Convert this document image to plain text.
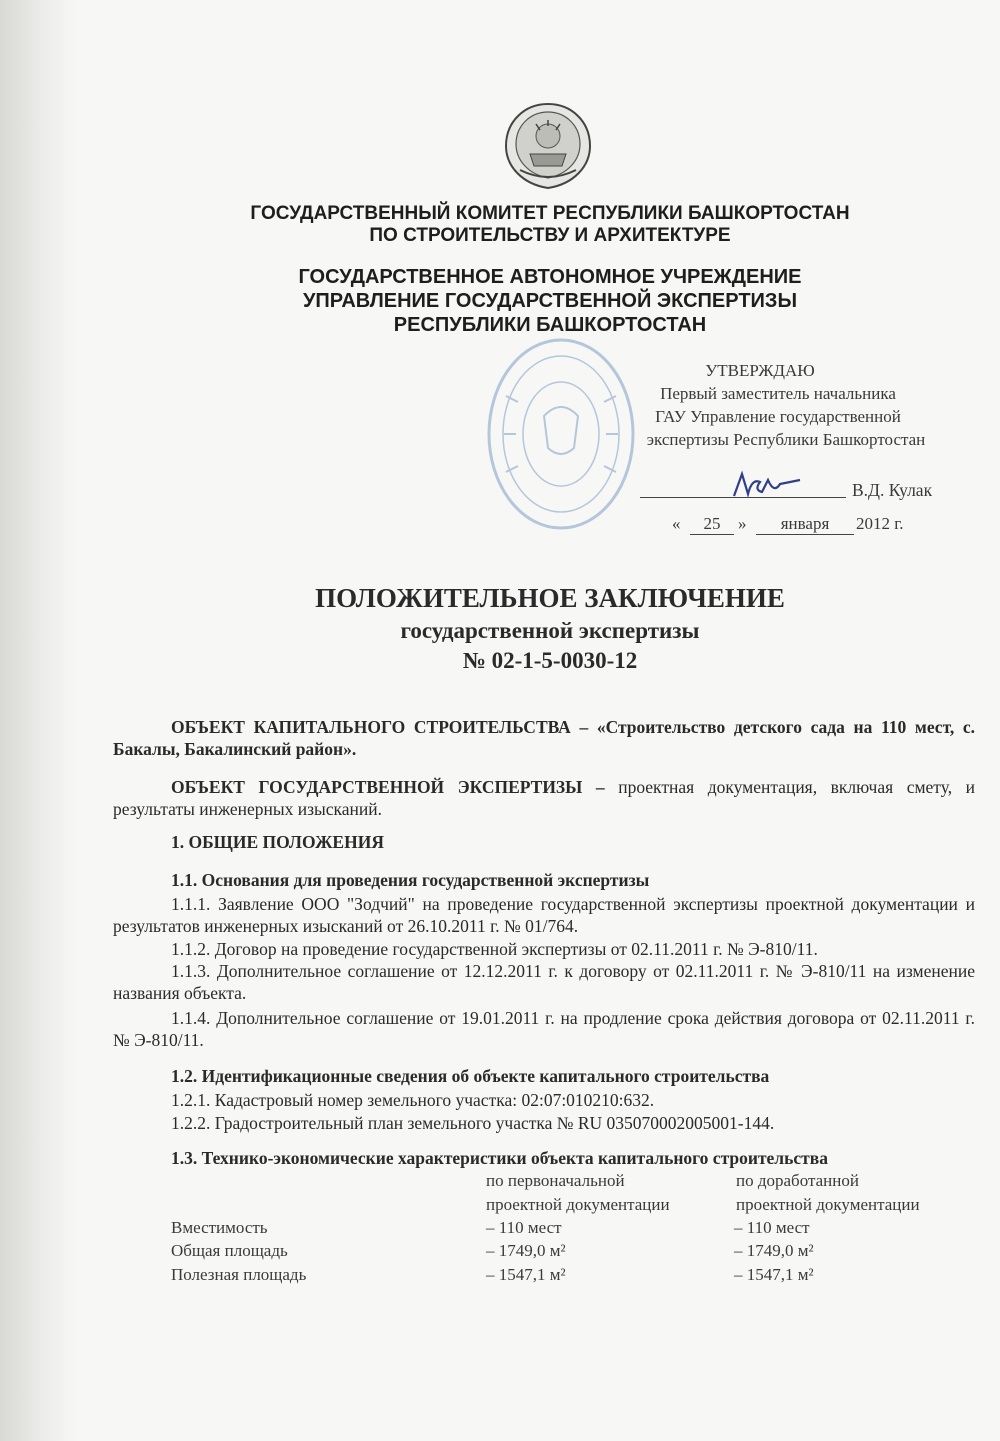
ГОСУДАРСТВЕННЫЙ КОМИТЕТ РЕСПУБЛИКИ БАШКОРТОСТАН
ПО СТРОИТЕЛЬСТВУ И АРХИТЕКТУРЕ
ГОСУДАРСТВЕННОЕ АВТОНОМНОЕ УЧРЕЖДЕНИЕ
УПРАВЛЕНИЕ ГОСУДАРСТВЕННОЙ ЭКСПЕРТИЗЫ
РЕСПУБЛИКИ БАШКОРТОСТАН
УТВЕРЖДАЮ
Первый заместитель начальника
ГАУ Управление государственной
экспертизы Республики Башкортостан
В.Д. Кулак
«	25	»	января	2012 г.
ПОЛОЖИТЕЛЬНОЕ ЗАКЛЮЧЕНИЕ
государственной экспертизы
№ 02-1-5-0030-12
ОБЪЕКТ КАПИТАЛЬНОГО СТРОИТЕЛЬСТВА – «Строительство детского сада на 110 мест, с. Бакалы, Бакалинский район».
ОБЪЕКТ ГОСУДАРСТВЕННОЙ ЭКСПЕРТИЗЫ – проектная документация, включая смету, и результаты инженерных изысканий.
1. ОБЩИЕ ПОЛОЖЕНИЯ
1.1. Основания для проведения государственной экспертизы
1.1.1. Заявление ООО "Зодчий" на проведение государственной экспертизы проектной документации и результатов инженерных изысканий от 26.10.2011 г. № 01/764.
1.1.2. Договор на проведение государственной экспертизы от 02.11.2011 г. № Э-810/11.
1.1.3. Дополнительное соглашение от 12.12.2011 г. к договору от 02.11.2011 г. № Э-810/11 на изменение названия объекта.
1.1.4. Дополнительное соглашение от 19.01.2011 г. на продление срока действия договора от 02.11.2011 г. № Э-810/11.
1.2. Идентификационные сведения об объекте капитального строительства
1.2.1. Кадастровый номер земельного участка: 02:07:010210:632.
1.2.2. Градостроительный план земельного участка № RU 035070002005001-144.
1.3. Технико-экономические характеристики объекта капитального строительства
по первоначальной
проектной документации
по доработанной
проектной документации
Вместимость	– 110 мест	– 110 мест
Общая площадь	– 1749,0 м²	– 1749,0 м²
Полезная площадь	– 1547,1 м²	– 1547,1 м²
